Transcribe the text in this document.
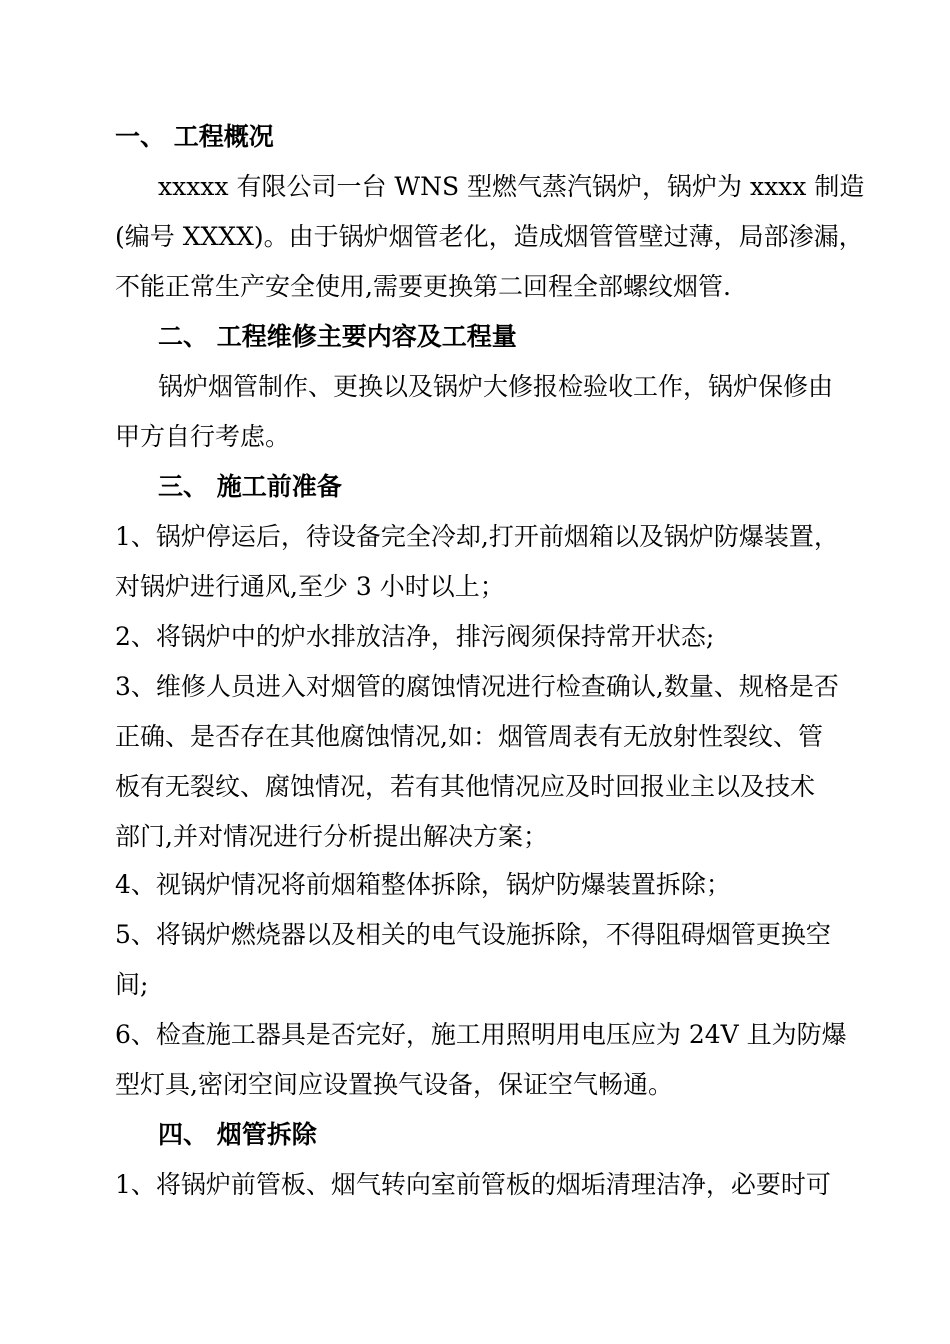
一、 工程概况
xxxxx 有限公司一台 WNS 型燃气蒸汽锅炉，锅炉为 xxxx 制造
(编号 XXXX)。由于锅炉烟管老化，造成烟管管壁过薄，局部渗漏，
不能正常生产安全使用,需要更换第二回程全部螺纹烟管.
二、 工程维修主要内容及工程量
锅炉烟管制作、更换以及锅炉大修报检验收工作，锅炉保修由
甲方自行考虑。
三、 施工前准备
1、锅炉停运后，待设备完全冷却,打开前烟箱以及锅炉防爆装置，
对锅炉进行通风,至少 3 小时以上；
2、将锅炉中的炉水排放洁净，排污阀须保持常开状态;
3、维修人员进入对烟管的腐蚀情况进行检查确认,数量、规格是否
正确、是否存在其他腐蚀情况,如：烟管周表有无放射性裂纹、管
板有无裂纹、腐蚀情况，若有其他情况应及时回报业主以及技术
部门,并对情况进行分析提出解决方案；
4、视锅炉情况将前烟箱整体拆除，锅炉防爆装置拆除；
5、将锅炉燃烧器以及相关的电气设施拆除，不得阻碍烟管更换空
间;
6、检查施工器具是否完好，施工用照明用电压应为 24V 且为防爆
型灯具,密闭空间应设置换气设备，保证空气畅通。
四、 烟管拆除
1、将锅炉前管板、烟气转向室前管板的烟垢清理洁净，必要时可
